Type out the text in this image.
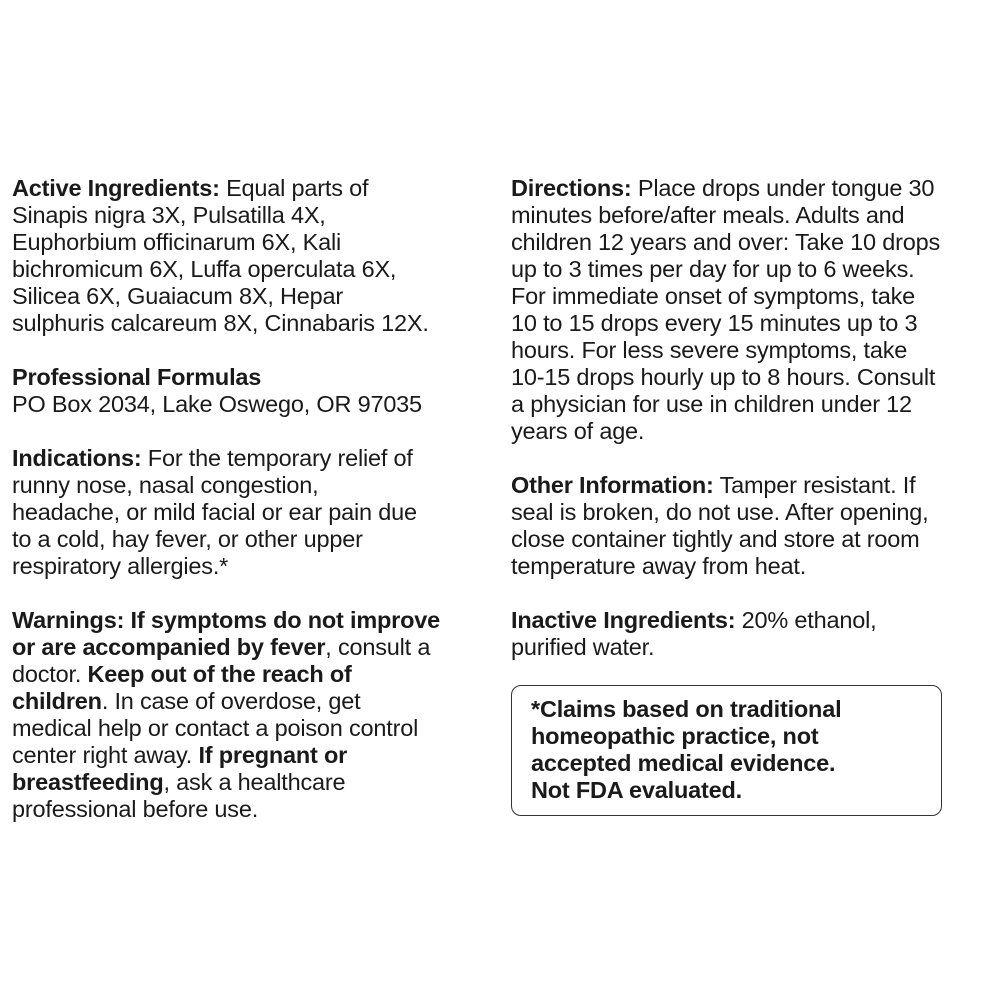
Active Ingredients: Equal parts of
Sinapis nigra 3X, Pulsatilla 4X,
Euphorbium officinarum 6X, Kali
bichromicum 6X, Luffa operculata 6X,
Silicea 6X, Guaiacum 8X, Hepar
sulphuris calcareum 8X, Cinnabaris 12X.
Professional Formulas
PO Box 2034, Lake Oswego, OR 97035
Indications: For the temporary relief of
runny nose, nasal congestion,
headache, or mild facial or ear pain due
to a cold, hay fever, or other upper
respiratory allergies.*
Warnings: If symptoms do not improve
or are accompanied by fever, consult a
doctor. Keep out of the reach of
children. In case of overdose, get
medical help or contact a poison control
center right away. If pregnant or
breastfeeding, ask a healthcare
professional before use.
Directions: Place drops under tongue 30
minutes before/after meals. Adults and
children 12 years and over: Take 10 drops
up to 3 times per day for up to 6 weeks.
For immediate onset of symptoms, take
10 to 15 drops every 15 minutes up to 3
hours. For less severe symptoms, take
10-15 drops hourly up to 8 hours. Consult
a physician for use in children under 12
years of age.
Other Information: Tamper resistant. If
seal is broken, do not use. After opening,
close container tightly and store at room
temperature away from heat.
Inactive Ingredients: 20% ethanol,
purified water.
*Claims based on traditional
homeopathic practice, not
accepted medical evidence.
Not FDA evaluated.
